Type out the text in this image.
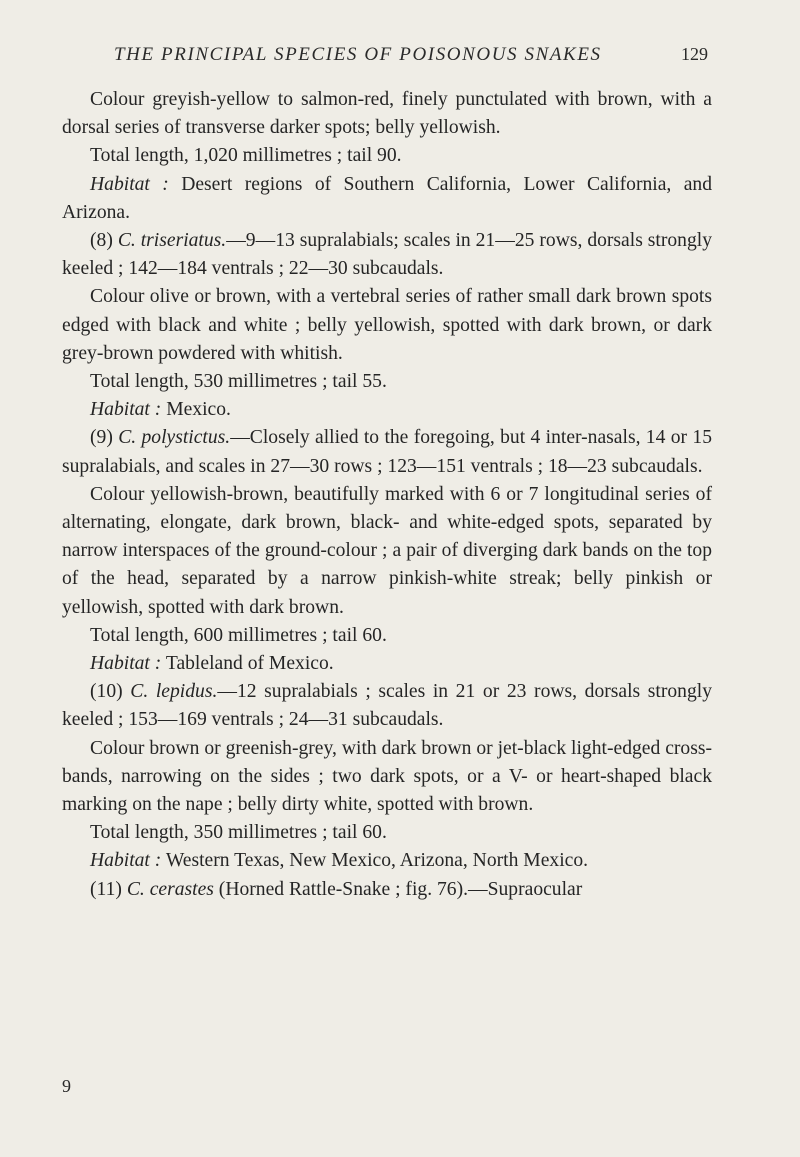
THE PRINCIPAL SPECIES OF POISONOUS SNAKES	129

Colour greyish-yellow to salmon-red, finely punctulated with brown, with a dorsal series of transverse darker spots; belly yellowish.

Total length, 1,020 millimetres ; tail 90.

Habitat : Desert regions of Southern California, Lower California, and Arizona.

(8) C. triseriatus.—9—13 supralabials; scales in 21—25 rows, dorsals strongly keeled ; 142—184 ventrals ; 22—30 subcaudals.

Colour olive or brown, with a vertebral series of rather small dark brown spots edged with black and white ; belly yellowish, spotted with dark brown, or dark grey-brown powdered with whitish.

Total length, 530 millimetres ; tail 55.

Habitat : Mexico.

(9) C. polystictus.—Closely allied to the foregoing, but 4 inter-nasals, 14 or 15 supralabials, and scales in 27—30 rows ; 123—151 ventrals ; 18—23 subcaudals.

Colour yellowish-brown, beautifully marked with 6 or 7 longitudinal series of alternating, elongate, dark brown, black- and white-edged spots, separated by narrow interspaces of the ground-colour ; a pair of diverging dark bands on the top of the head, separated by a narrow pinkish-white streak; belly pinkish or yellowish, spotted with dark brown.

Total length, 600 millimetres ; tail 60.

Habitat : Tableland of Mexico.

(10) C. lepidus.—12 supralabials ; scales in 21 or 23 rows, dorsals strongly keeled ; 153—169 ventrals ; 24—31 subcaudals.

Colour brown or greenish-grey, with dark brown or jet-black light-edged cross-bands, narrowing on the sides ; two dark spots, or a V- or heart-shaped black marking on the nape ; belly dirty white, spotted with brown.

Total length, 350 millimetres ; tail 60.

Habitat : Western Texas, New Mexico, Arizona, North Mexico.

(11) C. cerastes (Horned Rattle-Snake ; fig. 76).—Supraocular

9
